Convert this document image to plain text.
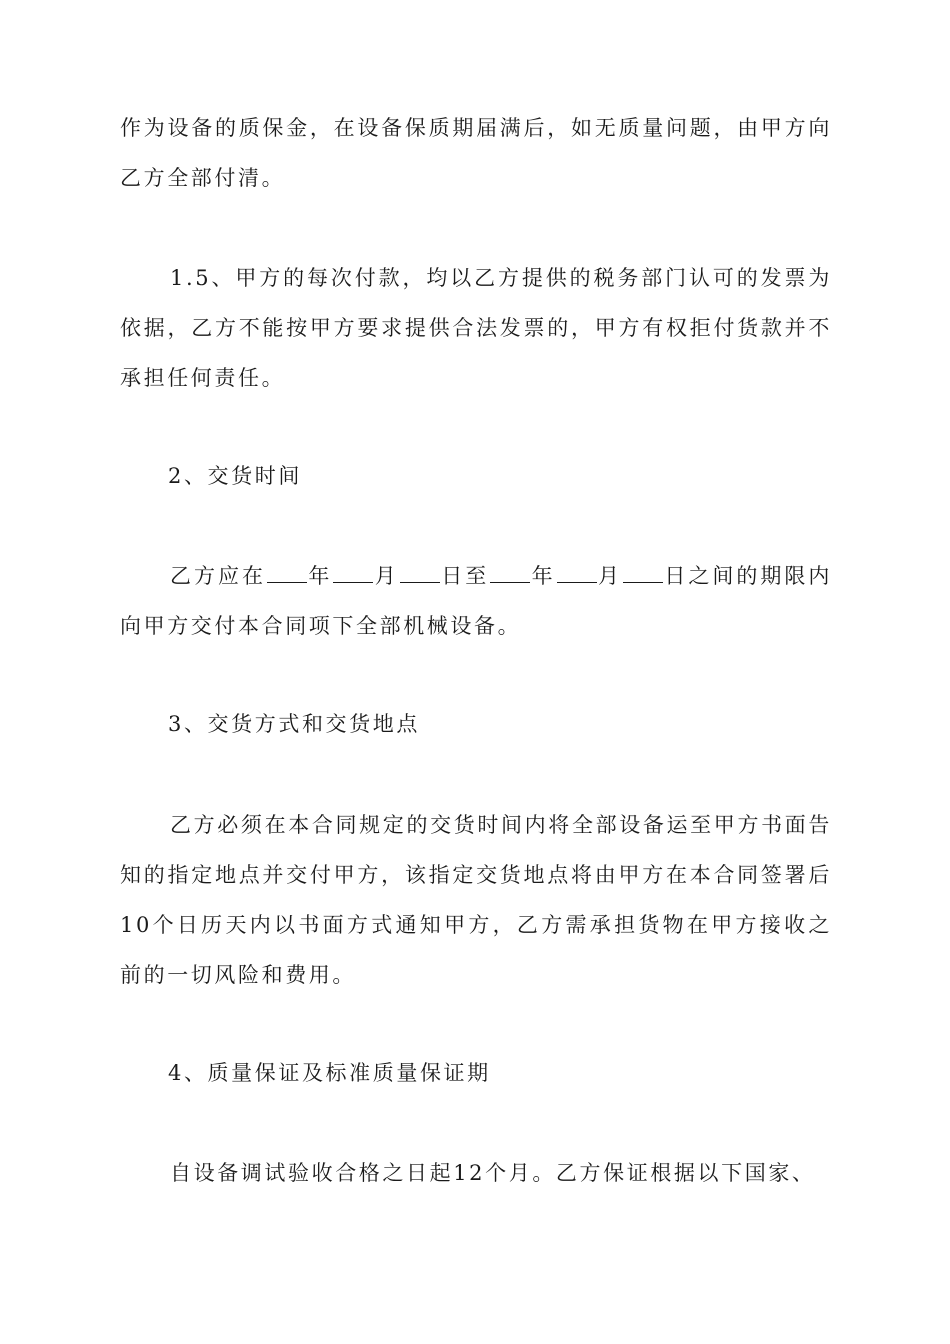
作为设备的质保金，在设备保质期届满后，如无质量问题，由甲方向乙方全部付清。

1.5、甲方的每次付款，均以乙方提供的税务部门认可的发票为依据，乙方不能按甲方要求提供合法发票的，甲方有权拒付货款并不承担任何责任。

2、交货时间

乙方应在 年 月 日至 年 月 日之间的期限内向甲方交付本合同项下全部机械设备。

3、交货方式和交货地点

乙方必须在本合同规定的交货时间内将全部设备运至甲方书面告知的指定地点并交付甲方，该指定交货地点将由甲方在本合同签署后10个日历天内以书面方式通知甲方，乙方需承担货物在甲方接收之前的一切风险和费用。

4、质量保证及标准质量保证期

自设备调试验收合格之日起12个月。乙方保证根据以下国家、
